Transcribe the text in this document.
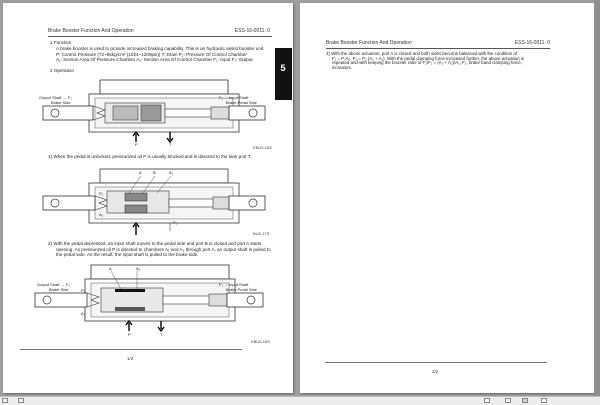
Brake Booster Function And Operation	ESS-16-0011. 0
5
1 Function
A brake booster is used to provide increased braking capability. This is an hydraulic assist booster unit.
P: Control Pressure (72~85kg/cm² (1024~1209psi)) T: Drain P₂: Pressure Of Control Chamber
A₁: Section Area Of Pressure Chamber A₂: Section Area Of Control Chamber F₁: Input F₂: Output
2 Operation
Output Shaft → F₂
Brake Side
F₁ → Input Shaft
Brake Pedal Side
P	T
EBU5-16S
1) When the pedal is unlocked, pressurized oil P is usually blocked and is directed to the tank port T.
A	B	A₁
P₂
A₂
P₂
BU5-17S
2) With the pedal depressed, an input shaft moves to the pedal side and port B is closed and port A starts
opening. As pressurized oil P is directed to chambers A₁ and A₂ through port A, an output shaft is pulled to
the pedal side. As the result, the input shaft is pulled to the brake side.
A	A₁
P₂
A₂
Output Shaft → F₂
Brake Side
F₁ → Input Shaft
Brake Pedal Side
P	T
EBU5-18S
1/2
Brake Booster Function And Operation	ESS-16-0011. 0
3) With the above actuation, port A is closed and both sides become balanced with the condition of
F₁ = P₂A₁, F₂ = P₂ (A₁ + A₂). With the pedal clamping force increased further, the above actuation is
repeated and with keeping the booster ratio of F₂/F₁ = (A₁ + A₂)/A₁, F₂, brake band clamping force,
increases.
2/2
